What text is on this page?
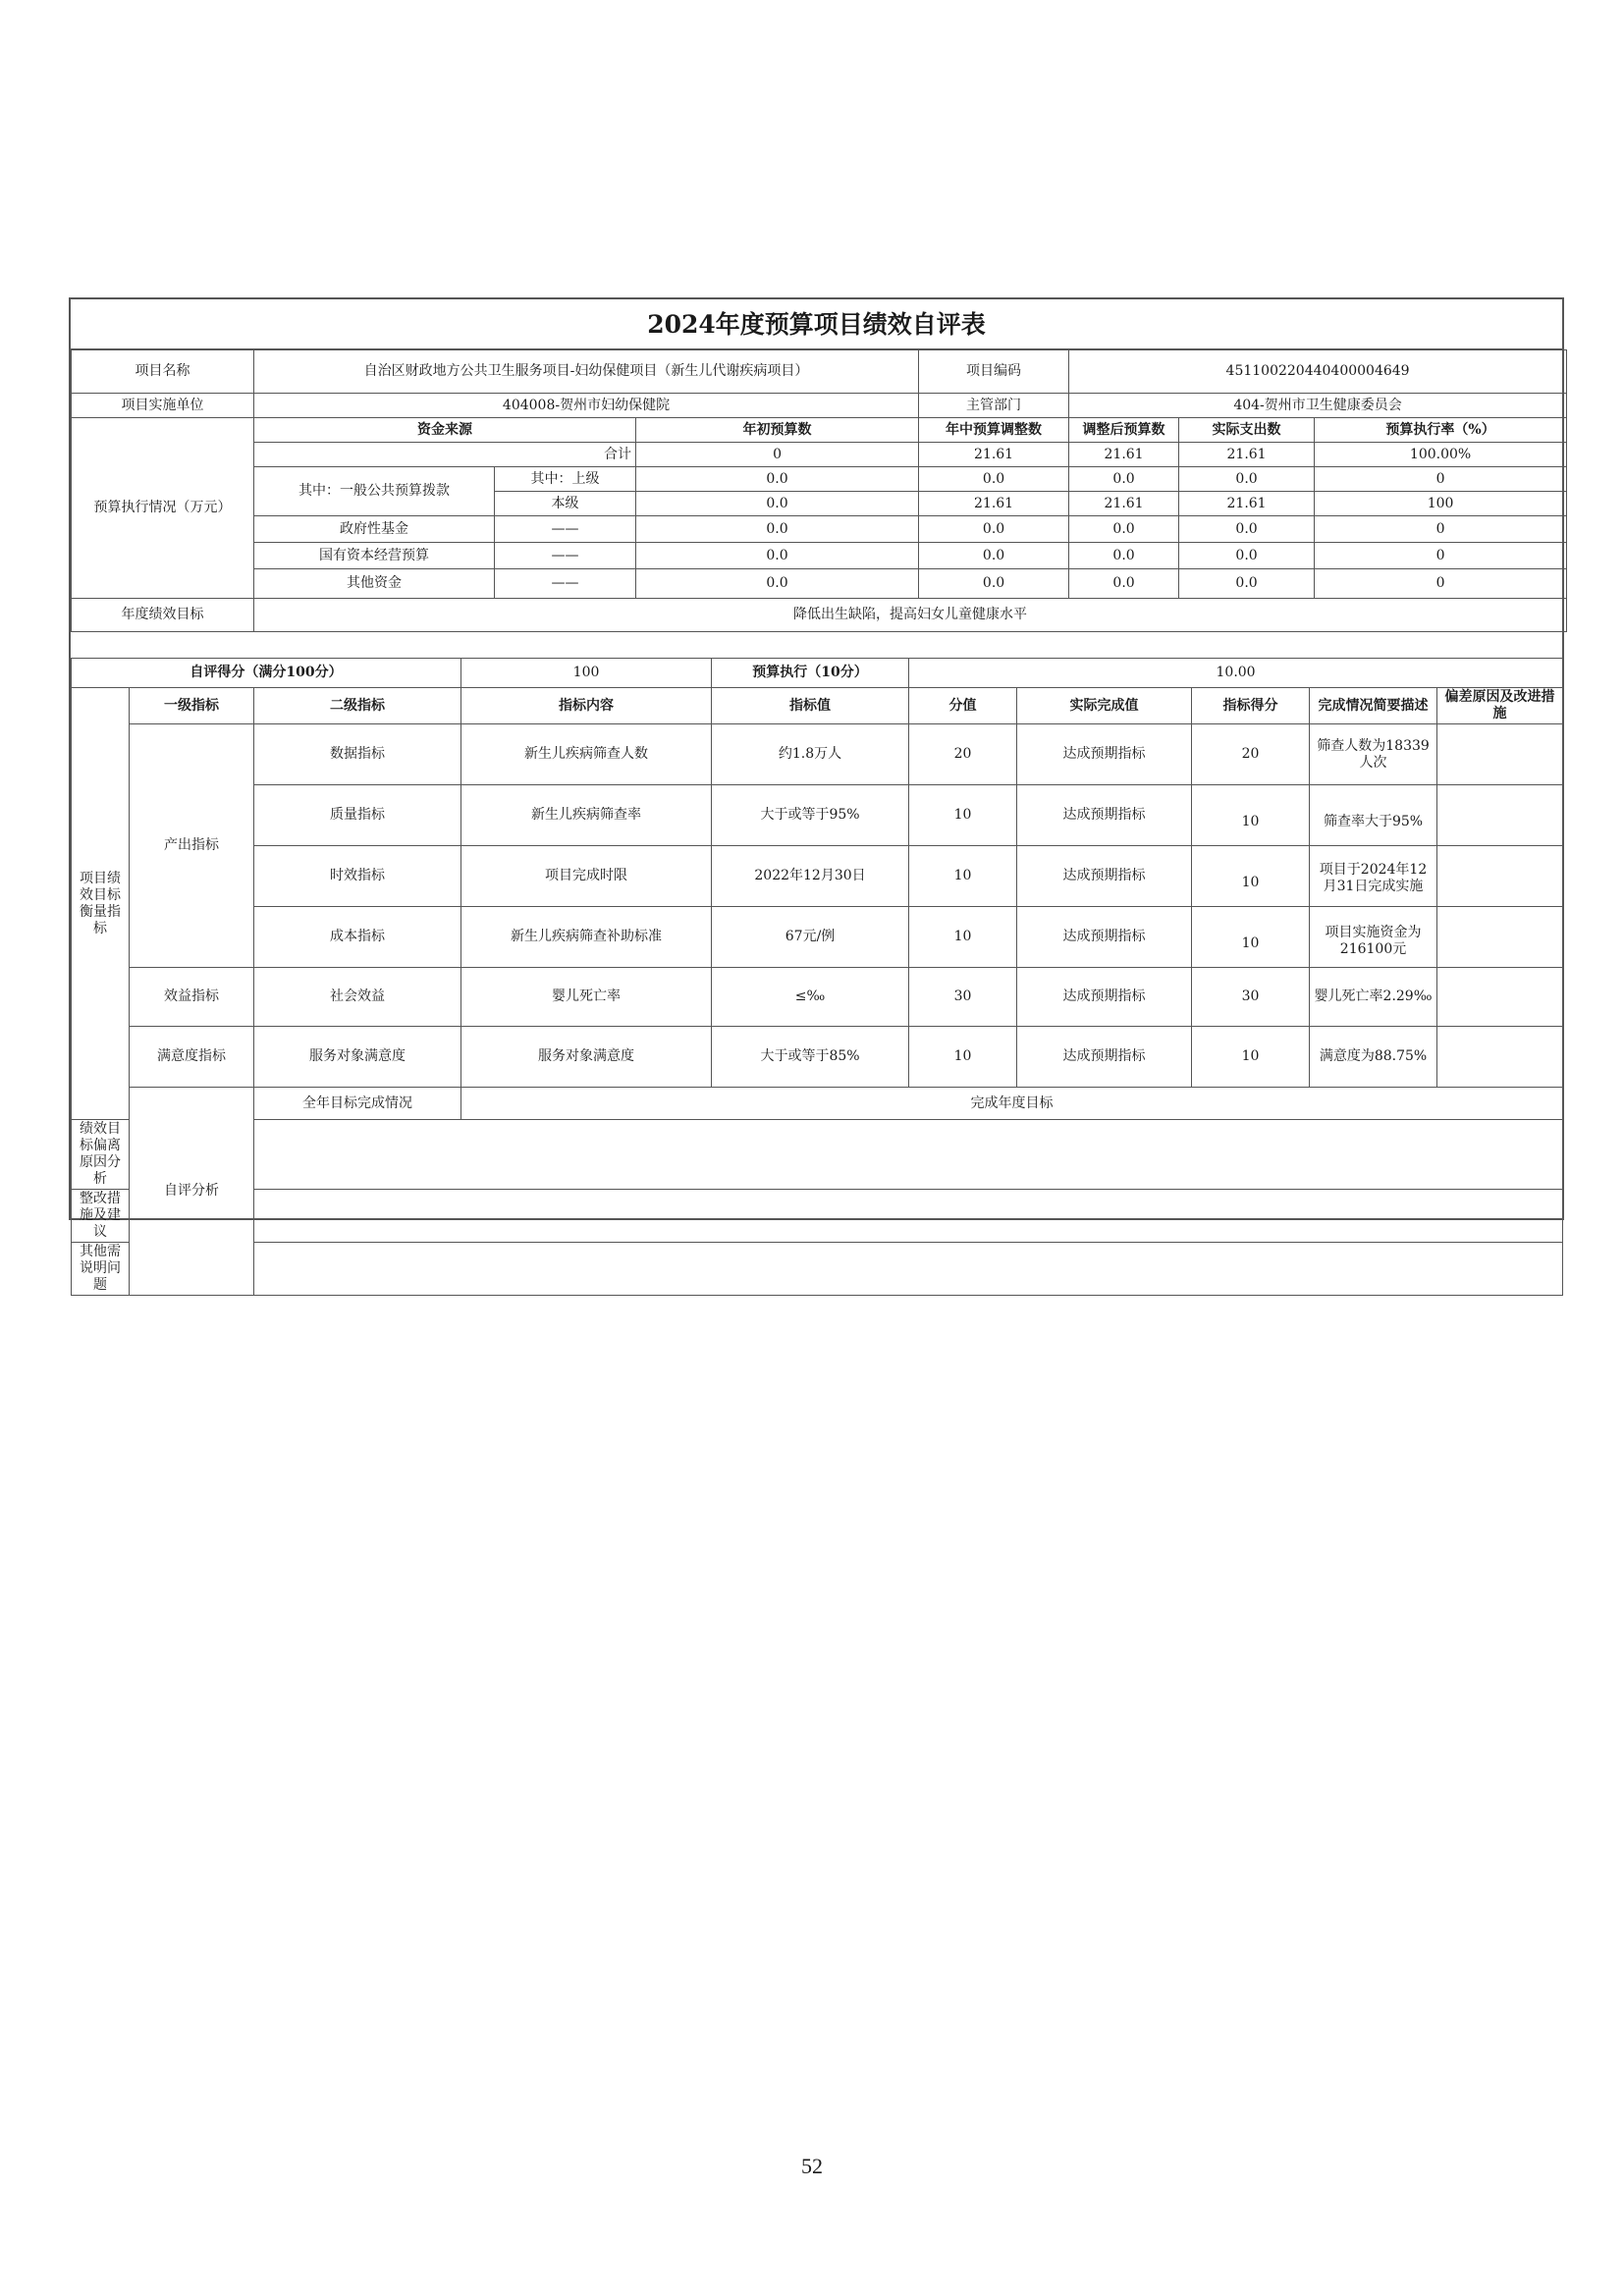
2024年度预算项目绩效自评表
项目名称	自治区财政地方公共卫生服务项目-妇幼保健项目（新生儿代谢疾病项目）			项目编码	451100220440400004649		
项目实施单位	404008-贺州市妇幼保健院			主管部门	404-贺州市卫生健康委员会		
预算执行情况（万元）	资金来源		年初预算数	年中预算调整数	调整后预算数	实际支出数	预算执行率（%）
	合计		0	21.61	21.61	21.61	100.00%
	其中：一般公共预算拨款	其中：上级	0.0	0.0	0.0	0.0	0
		本级	0.0	21.61	21.61	21.61	100
	政府性基金	——	0.0	0.0	0.0	0.0	0
	国有资本经营预算	——	0.0	0.0	0.0	0.0	0
	其他资金	——	0.0	0.0	0.0	0.0	0
年度绩效目标	降低出生缺陷，提高妇女儿童健康水平						
自评得分（满分100分）			100	预算执行（10分）	10.00				
项目绩效目标衡量指标	一级指标	二级指标	指标内容	指标值	分值	实际完成值	指标得分	完成情况简要描述	偏差原因及改进措施
	产出指标	数据指标	新生儿疾病筛查人数	约1.8万人	20	达成预期指标	20	筛查人数为18339人次	
		质量指标	新生儿疾病筛查率	大于或等于95%	10	达成预期指标	10	筛查率大于95%	
		时效指标	项目完成时限	2022年12月30日	10	达成预期指标	10	项目于2024年12月31日完成实施	
		成本指标	新生儿疾病筛查补助标准	67元/例	10	达成预期指标	10	项目实施资金为216100元	
	效益指标	社会效益	婴儿死亡率	≤‰	30	达成预期指标	30	婴儿死亡率2.29‰	
	满意度指标	服务对象满意度	服务对象满意度	大于或等于85%	10	达成预期指标	10	满意度为88.75%	
	自评分析	全年目标完成情况	完成年度目标						
绩效目标偏离原因分析									
整改措施及建议									
其他需说明问题									
52
